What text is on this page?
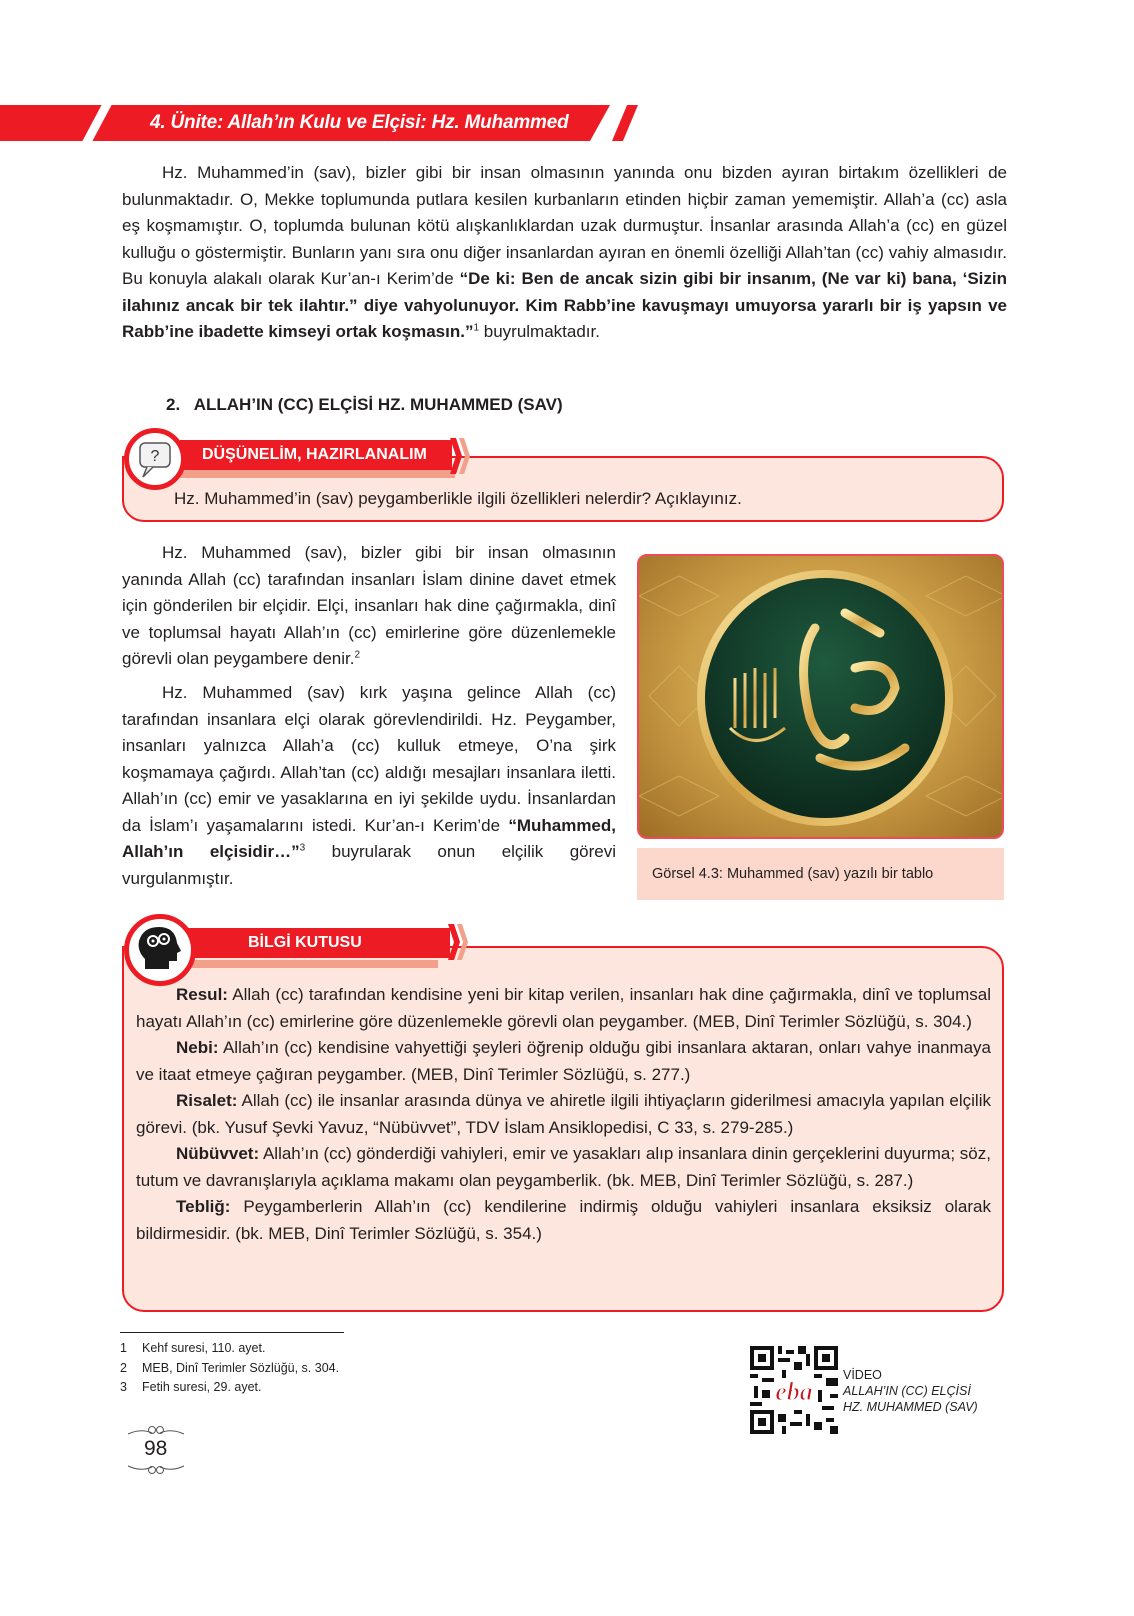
4. Ünite: Allah’ın Kulu ve Elçisi: Hz. Muhammed

Hz. Muhammed’in (sav), bizler gibi bir insan olmasının yanında onu bizden ayıran birtakım özellikleri de bulunmaktadır. O, Mekke toplumunda putlara kesilen kurbanların etinden hiçbir zaman yememiştir. Allah’a (cc) asla eş koşmamıştır. O, toplumda bulunan kötü alışkanlıklardan uzak durmuştur. İnsanlar arasında Allah’a (cc) en güzel kulluğu o göstermiştir. Bunların yanı sıra onu diğer insanlardan ayıran en önemli özelliği Allah’tan (cc) vahiy almasıdır. Bu konuyla alakalı olarak Kur’an-ı Kerim’de “De ki: Ben de ancak sizin gibi bir insanım, (Ne var ki) bana, ‘Sizin ilahınız ancak bir tek ilahtır.” diye vahyolunuyor. Kim Rabb’ine kavuşmayı umuyorsa yararlı bir iş yapsın ve Rabb’ine ibadette kimseyi ortak koşmasın.”$^1$ buyrulmaktadır.

2.   ALLAH’IN (CC) ELÇİSİ HZ. MUHAMMED (SAV)
DÜŞÜNELİM, HAZIRLANALIM
?

Hz. Muhammed’in (sav) peygamberlikle ilgili özellikleri nelerdir? Açıklayınız.

Hz. Muhammed (sav), bizler gibi bir insan olmasının yanında Allah (cc) tarafından insanları İslam dinine davet etmek için gönderilen bir elçidir. Elçi, insanları hak dine çağırmakla, dinî ve toplumsal hayatı Allah’ın (cc) emirlerine göre düzenlemekle görevli olan peygambere denir.$^2$

Hz. Muhammed (sav) kırk yaşına gelince Allah (cc) tarafından insanlara elçi olarak görevlendirildi. Hz. Peygamber, insanları yalnızca Allah’a (cc) kulluk etmeye, O’na şirk koşmamaya çağırdı. Allah’tan (cc) aldığı mesajları insanlara iletti. Allah’ın (cc) emir ve yasaklarına en iyi şekilde uydu. İnsanlardan da İslam’ı yaşamalarını istedi. Kur’an-ı Kerim’de “Muhammed, Allah’ın elçisidir…”$^3$ buyrularak onun elçilik görevi vurgulanmıştır.	Görsel 4.3: Muhammed (sav) yazılı bir tablo
BİLGİ KUTUSU

Resul: Allah (cc) tarafından kendisine yeni bir kitap verilen, insanları hak dine çağırmakla, dinî ve toplumsal hayatı Allah’ın (cc) emirlerine göre düzenlemekle görevli olan peygamber. (MEB, Dinî Terimler Sözlüğü, s. 304.)

Nebi: Allah’ın (cc) kendisine vahyettiği şeyleri öğrenip olduğu gibi insanlara aktaran, onları vahye inanmaya ve itaat etmeye çağıran peygamber. (MEB, Dinî Terimler Sözlüğü, s. 277.)

Risalet: Allah (cc) ile insanlar arasında dünya ve ahiretle ilgili ihtiyaçların giderilmesi amacıyla yapılan elçilik görevi. (bk. Yusuf Şevki Yavuz, “Nübüvvet”, TDV İslam Ansiklopedisi, C 33, s. 279-285.)

Nübüvvet: Allah’ın (cc) gönderdiği vahiyleri, emir ve yasakları alıp insanlara dinin gerçeklerini duyurma; söz, tutum ve davranışlarıyla açıklama makamı olan peygamberlik. (bk. MEB, Dinî Terimler Sözlüğü, s. 287.)

Tebliğ: Peygamberlerin Allah’ın (cc) kendilerine indirmiş olduğu vahiyleri insanlara eksiksiz olarak bildirmesidir. (bk. MEB, Dinî Terimler Sözlüğü, s. 354.)

1 Kehf suresi, 110. ayet.
2 MEB, Dinî Terimler Sözlüğü, s. 304.
3 Fetih suresi, 29. ayet.	eba
VİDEO
ALLAH’IN (CC) ELÇİSİ
HZ. MUHAMMED (SAV)
98
